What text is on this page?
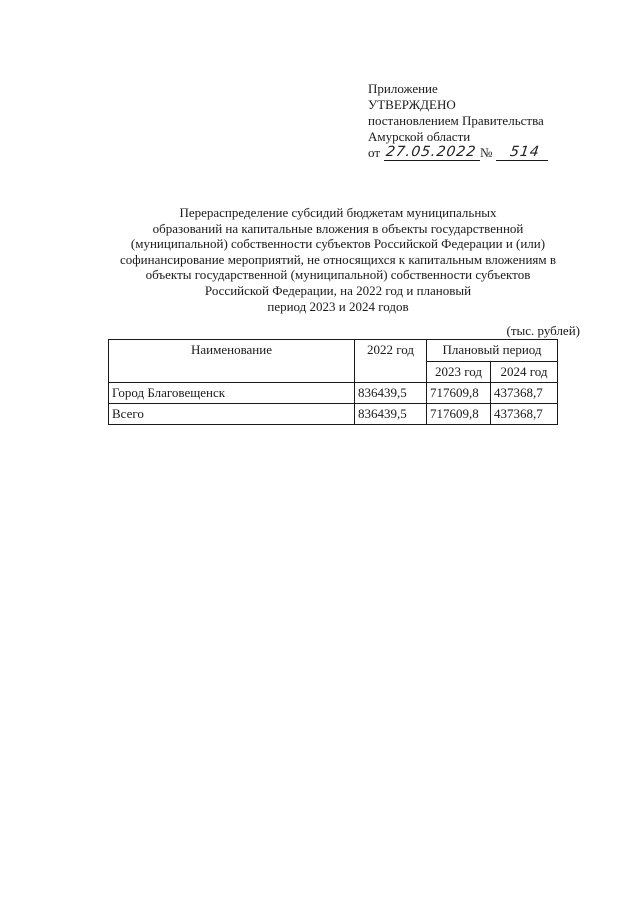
Приложение
УТВЕРЖДЕНО
постановлением Правительства
Амурской области
от 27.05.2022 № 514
Перераспределение субсидий бюджетам муниципальных
образований на капитальные вложения в объекты государственной
(муниципальной) собственности субъектов Российской Федерации и (или)
софинансирование мероприятий, не относящихся к капитальным вложениям в
объекты государственной (муниципальной) собственности субъектов
Российской Федерации, на 2022 год и плановый
период 2023 и 2024 годов
(тыс. рублей)
Наименование	2022 год	Плановый период	
		2023 год	2024 год
Город Благовещенск	836439,5	717609,8	437368,7
Всего	836439,5	717609,8	437368,7
